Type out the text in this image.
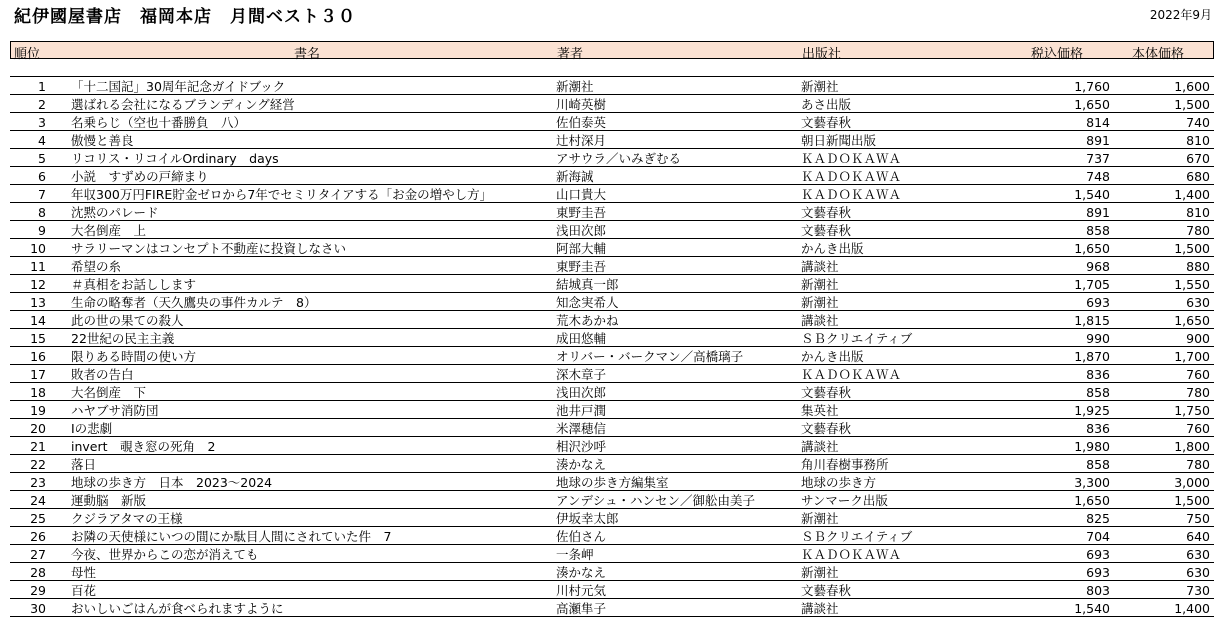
紀伊國屋書店　福岡本店　月間ベスト３０	2022年9月
順位	書名	著者	出版社	税込価格	本体価格
1 「十二国記」30周年記念ガイドブック	新潮社	新潮社	1,760	1,600
2 選ばれる会社になるブランディング経営	川崎英樹	あさ出版	1,650	1,500
3 名乗らじ（空也十番勝負　八）	佐伯泰英	文藝春秋	814	740
4 傲慢と善良	辻村深月	朝日新聞出版	891	810
5 リコリス・リコイルOrdinary　days	アサウラ／いみぎむる	ＫＡＤＯＫＡＷＡ	737	670
6 小説　すずめの戸締まり	新海誠	ＫＡＤＯＫＡＷＡ	748	680
7 年収300万円FIRE貯金ゼロから7年でセミリタイアする「お金の増やし方」	山口貴大	ＫＡＤＯＫＡＷＡ	1,540	1,400
8 沈黙のパレード	東野圭吾	文藝春秋	891	810
9 大名倒産　上	浅田次郎	文藝春秋	858	780
10 サラリーマンはコンセプト不動産に投資しなさい	阿部大輔	かんき出版	1,650	1,500
11 希望の糸	東野圭吾	講談社	968	880
12 ＃真相をお話しします	結城真一郎	新潮社	1,705	1,550
13 生命の略奪者（天久鷹央の事件カルテ　8）	知念実希人	新潮社	693	630
14 此の世の果ての殺人	荒木あかね	講談社	1,815	1,650
15 22世紀の民主主義	成田悠輔	ＳＢクリエイティブ	990	900
16 限りある時間の使い方	オリバー・バークマン／高橋璃子	かんき出版	1,870	1,700
17 敗者の告白	深木章子	ＫＡＤＯＫＡＷＡ	836	760
18 大名倒産　下	浅田次郎	文藝春秋	858	780
19 ハヤブサ消防団	池井戸潤	集英社	1,925	1,750
20 Iの悲劇	米澤穂信	文藝春秋	836	760
21 invert　覗き窓の死角　2	相沢沙呼	講談社	1,980	1,800
22 落日	湊かなえ	角川春樹事務所	858	780
23 地球の歩き方　日本　2023～2024	地球の歩き方編集室	地球の歩き方	3,300	3,000
24 運動脳　新版	アンデシュ・ハンセン／御舩由美子	サンマーク出版	1,650	1,500
25 クジラアタマの王様	伊坂幸太郎	新潮社	825	750
26 お隣の天使様にいつの間にか駄目人間にされていた件　7	佐伯さん	ＳＢクリエイティブ	704	640
27 今夜、世界からこの恋が消えても	一条岬	ＫＡＤＯＫＡＷＡ	693	630
28 母性	湊かなえ	新潮社	693	630
29 百花	川村元気	文藝春秋	803	730
30 おいしいごはんが食べられますように	高瀬隼子	講談社	1,540	1,400
